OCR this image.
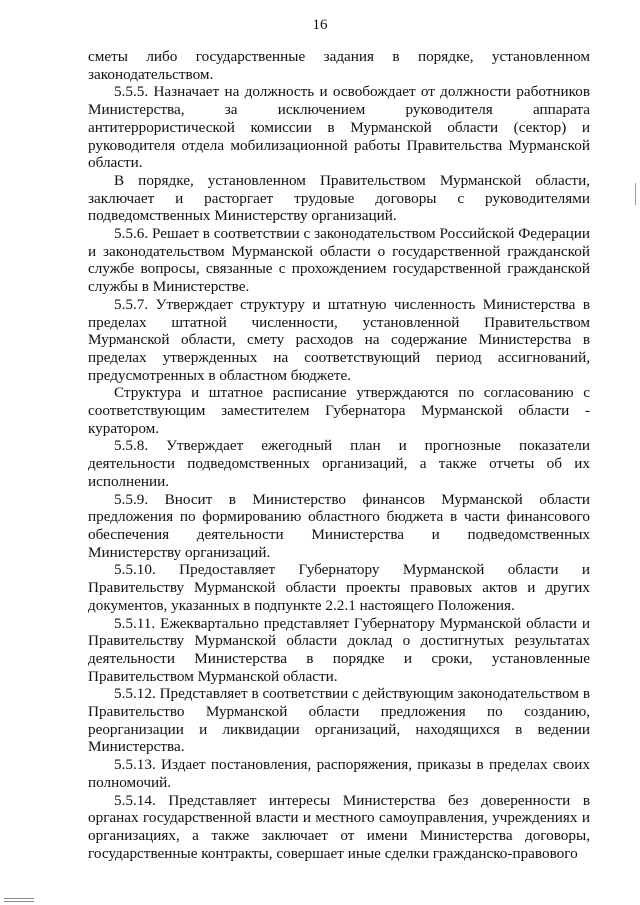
16

сметы либо государственные задания в порядке, установленном законодательством.

5.5.5. Назначает на должность и освобождает от должности работников Министерства, за исключением руководителя аппарата антитеррористической комиссии в Мурманской области (сектор) и руководителя отдела мобилизационной работы Правительства Мурманской области.

В порядке, установленном Правительством Мурманской области, заключает и расторгает трудовые договоры с руководителями подведомственных Министерству организаций.

5.5.6. Решает в соответствии с законодательством Российской Федерации и законодательством Мурманской области о государственной гражданской службе вопросы, связанные с прохождением государственной гражданской службы в Министерстве.

5.5.7. Утверждает структуру и штатную численность Министерства в пределах штатной численности, установленной Правительством Мурманской области, смету расходов на содержание Министерства в пределах утвержденных на соответствующий период ассигнований, предусмотренных в областном бюджете.

Структура и штатное расписание утверждаются по согласованию с соответствующим заместителем Губернатора Мурманской области - куратором.

5.5.8. Утверждает ежегодный план и прогнозные показатели деятельности подведомственных организаций, а также отчеты об их исполнении.

5.5.9. Вносит в Министерство финансов Мурманской области предложения по формированию областного бюджета в части финансового обеспечения деятельности Министерства и подведомственных Министерству организаций.

5.5.10. Предоставляет Губернатору Мурманской области и Правительству Мурманской области проекты правовых актов и других документов, указанных в подпункте 2.2.1 настоящего Положения.

5.5.11. Ежеквартально представляет Губернатору Мурманской области и Правительству Мурманской области доклад о достигнутых результатах деятельности Министерства в порядке и сроки, установленные Правительством Мурманской области.

5.5.12. Представляет в соответствии с действующим законодательством в Правительство Мурманской области предложения по созданию, реорганизации и ликвидации организаций, находящихся в ведении Министерства.

5.5.13. Издает постановления, распоряжения, приказы в пределах своих полномочий.

5.5.14. Представляет интересы Министерства без доверенности в органах государственной власти и местного самоуправления, учреждениях и организациях, а также заключает от имени Министерства договоры, государственные контракты, совершает иные сделки гражданско-правового
